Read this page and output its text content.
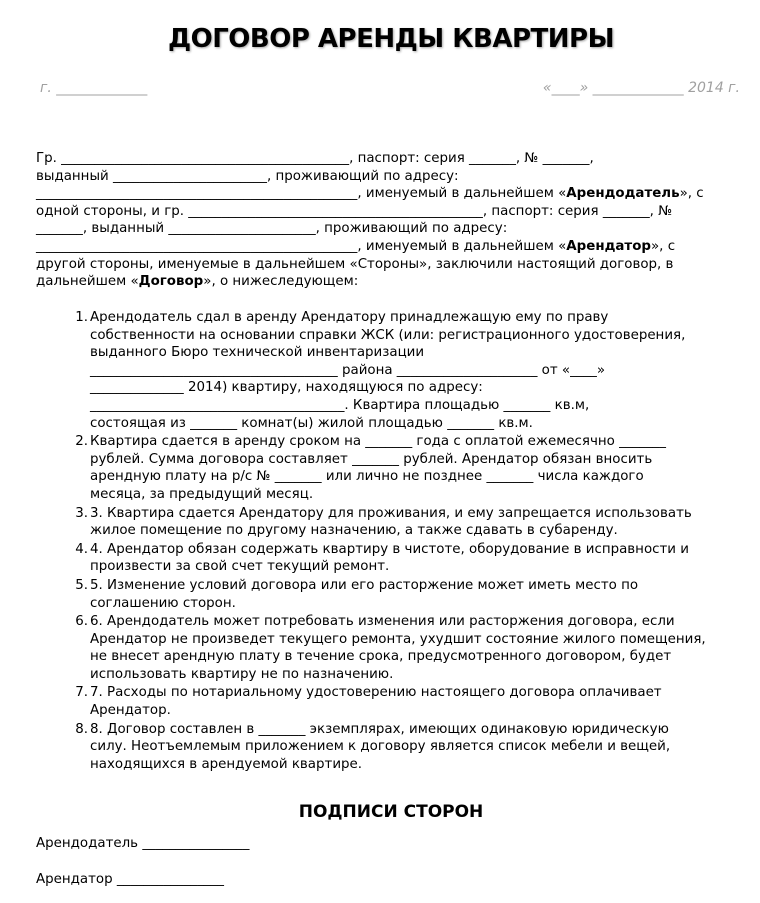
ДОГОВОР АРЕНДЫ КВАРТИРЫ
г. _____________	«____» _____________ 2014 г.

Гр. ___________________________________________, паспорт: серия _______, № _______,

выданный _______________________, проживающий по адресу:

________________________________________________, именуемый в дальнейшем «Арендодатель», с

одной стороны, и гр. ____________________________________________, паспорт: серия _______, №

_______, выданный ______________________, проживающий по адресу:

________________________________________________, именуемый в дальнейшем «Арендатор», с

другой стороны, именуемые в дальнейшем «Стороны», заключили настоящий договор, в

дальнейшем «Договор», о нижеследующем:

1. Арендодатель сдал в аренду Арендатору принадлежащую ему по праву
собственности на основании справки ЖСК (или: регистрационного удостоверения,
выданного Бюро технической инвентаризации
_____________________________________ района _____________________ от «____»
______________ 2014) квартиру, находящуюся по адресу:
______________________________________. Квартира площадью _______ кв.м,
состоящая из _______ комнат(ы) жилой площадью _______ кв.м.
2. Квартира сдается в аренду сроком на _______ года с оплатой ежемесячно _______
рублей. Сумма договора составляет _______ рублей. Арендатор обязан вносить
арендную плату на р/с № _______ или лично не позднее _______ числа каждого
месяца, за предыдущий месяц.
3. 3. Квартира сдается Арендатору для проживания, и ему запрещается использовать
жилое помещение по другому назначению, а также сдавать в субаренду.
4. 4. Арендатор обязан содержать квартиру в чистоте, оборудование в исправности и
произвести за свой счет текущий ремонт.
5. 5. Изменение условий договора или его расторжение может иметь место по
соглашению сторон.
6. 6. Арендодатель может потребовать изменения или расторжения договора, если
Арендатор не произведет текущего ремонта, ухудшит состояние жилого помещения,
не внесет арендную плату в течение срока, предусмотренного договором, будет
использовать квартиру не по назначению.
7. 7. Расходы по нотариальному удостоверению настоящего договора оплачивает
Арендатор.
8. 8. Договор составлен в _______ экземплярах, имеющих одинаковую юридическую
силу. Неотъемлемым приложением к договору является список мебели и вещей,
находящихся в арендуемой квартире.
ПОДПИСИ СТОРОН
Арендодатель ________________
Арендатор ________________
